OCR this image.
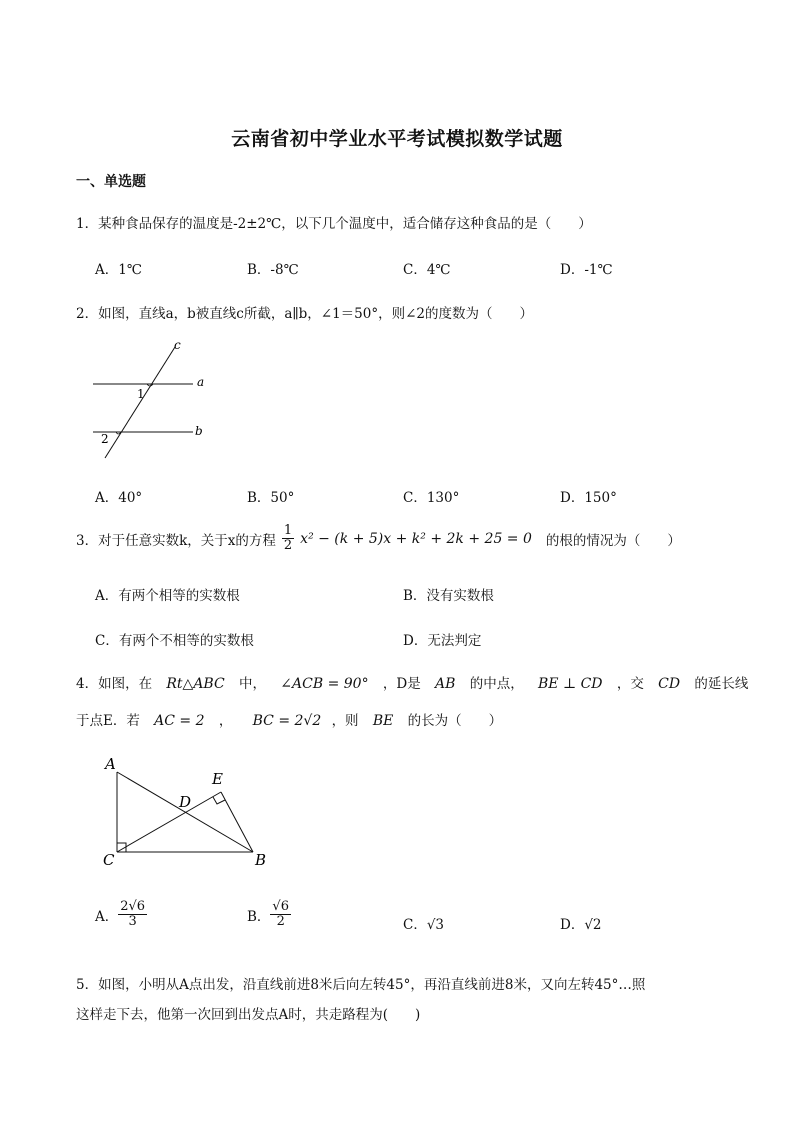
云南省初中学业水平考试模拟数学试题
一、单选题
1．某种食品保存的温度是-2±2℃，以下几个温度中，适合储存这种食品的是（　　）
A．1℃	B．-8℃	C．4℃	D．-1℃
2．如图，直线a，b被直线c所截，a∥b，∠1＝50°，则∠2的度数为（　　）
c
a
b
1
2
A．40°	B．50°	C．130°	D．150°
3．对于任意实数k，关于x的方程 $\frac{1}{2} x^2 - (k + 5)x + k^2 + 2k + 25 = 0$ 的根的情况为（　　）
A．有两个相等的实数根	B．没有实数根
C．有两个不相等的实数根	D．无法判定
4．如图，在 Rt△ABC 中， ∠ACB = 90° ，D是 AB 的中点， BE ⊥ CD ，交 CD 的延长线
于点E．若 AC = 2 ， BC = 2√2 ，则 BE 的长为（　　）
A
C	B
D
E
A． $\frac{2√6}{3}$	B． $\frac{√6}{2}$	C．√3	D．√2
5．如图，小明从A点出发，沿直线前进8米后向左转45°，再沿直线前进8米，又向左转45°…照
这样走下去，他第一次回到出发点A时，共走路程为(　　)
